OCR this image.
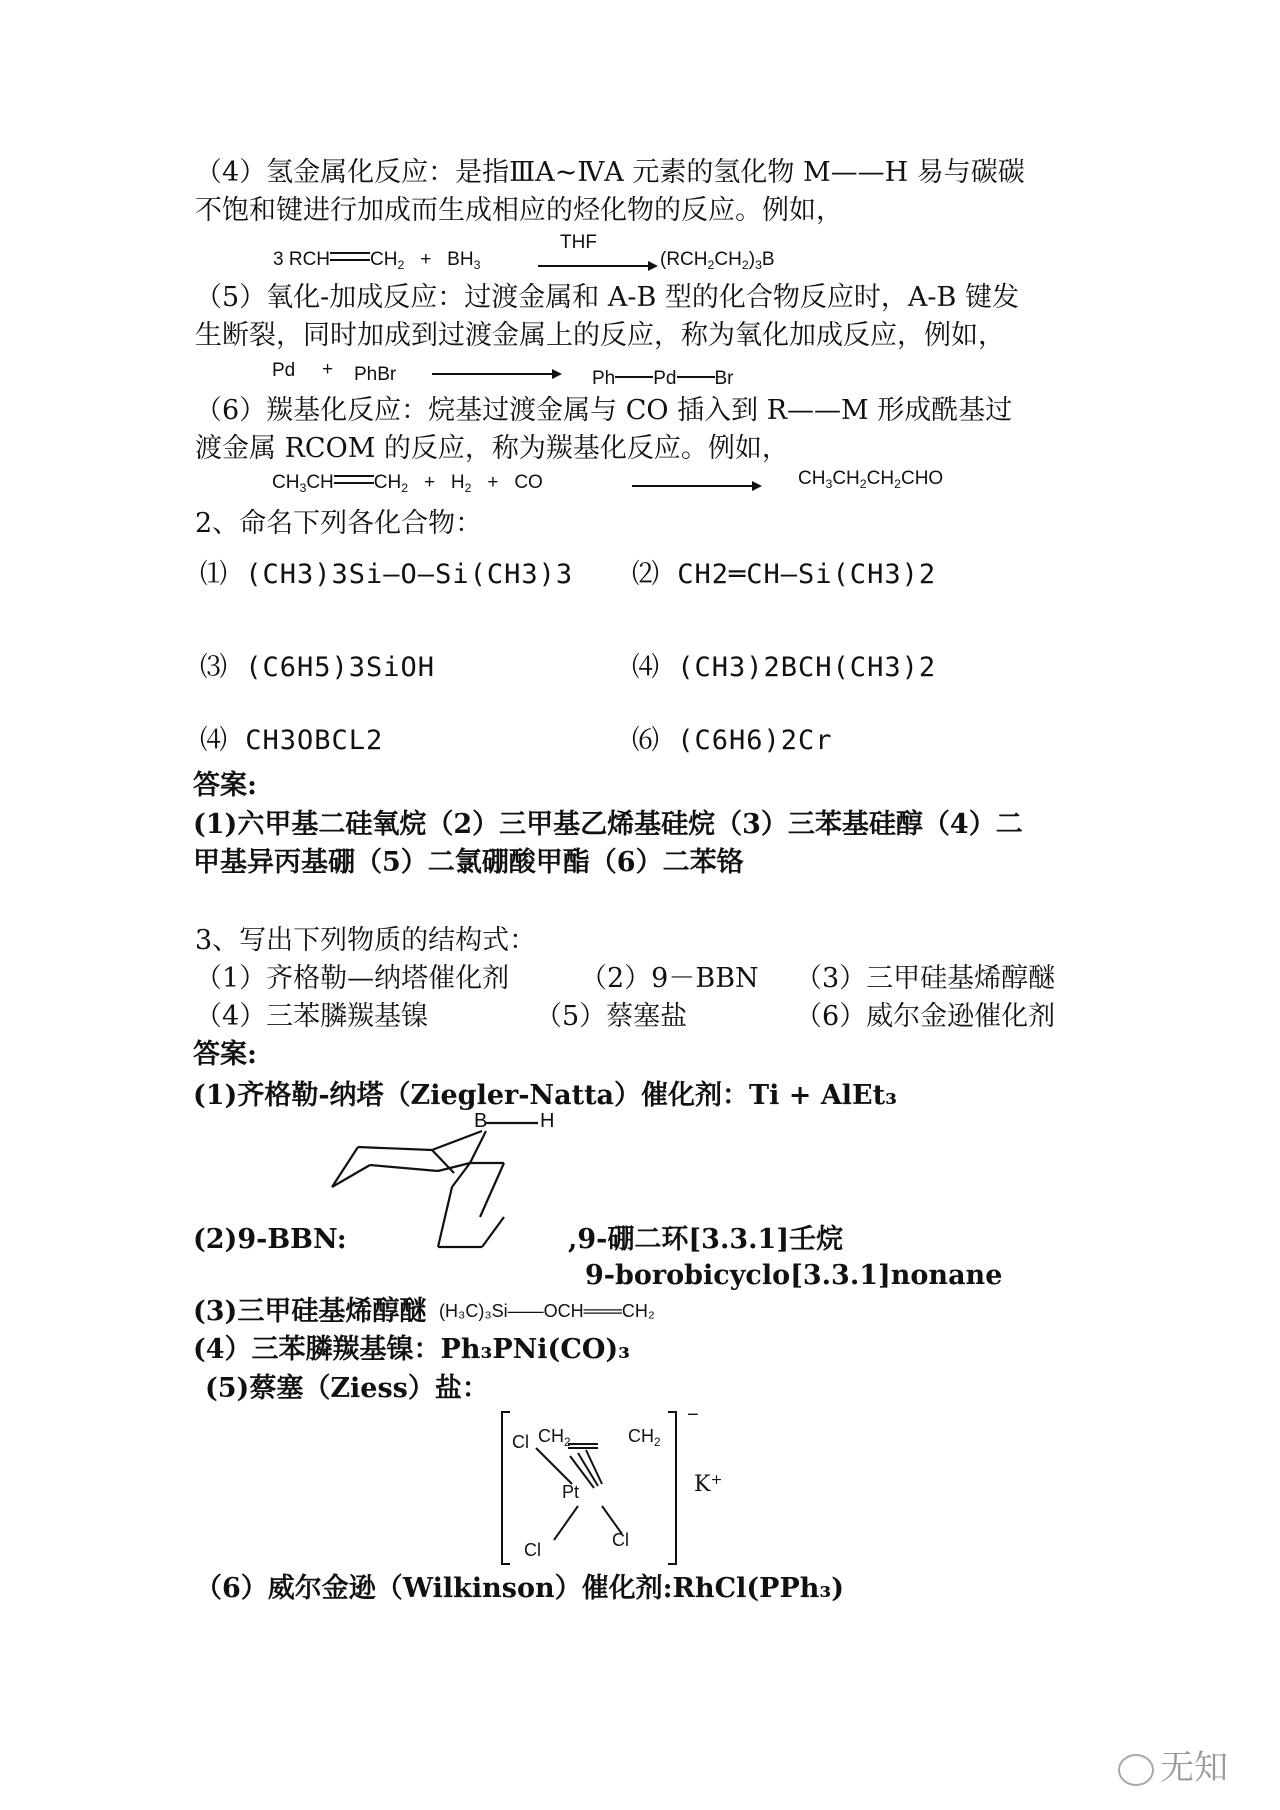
（4）氢金属化反应：是指ⅢA~ⅣA 元素的氢化物 M——H 易与碳碳
不饱和键进行加成而生成相应的烃化物的反应。例如，
3 RCH $CH_2 + BH_3$
THF
$(RCH_2CH_2)_3B$
（5）氧化-加成反应：过渡金属和 A-B 型的化合物反应时，A-B 键发
生断裂，同时加成到过渡金属上的反应，称为氧化加成反应，例如，
Pd + PhBr	Ph Pd Br
（6）羰基化反应：烷基过渡金属与 CO 插入到 R——M 形成酰基过
渡金属 RCOM 的反应，称为羰基化反应。例如，
$CH_3CH$ $CH_2 + H_2$ + CO	$CH_3CH_2CH_2CHO$
2、命名下列各化合物：
⑴ (CH3)3Si—O—Si(CH3)3 ⑵ CH2═CH—Si(CH3)2
⑶ (C6H5)3SiOH	⑷ (CH3)2BCH(CH3)2
⑷ CH3OBCL2	⑹ (C6H6)2Cr
答案:
(1)六甲基二硅氧烷（2）三甲基乙烯基硅烷（3）三苯基硅醇（4）二
甲基异丙基硼（5）二氯硼酸甲酯（6）二苯铬
3、写出下列物质的结构式：
（1）齐格勒—纳塔催化剂	（2）9－BBN （3）三甲硅基烯醇醚
（4）三苯膦羰基镍	（5）蔡塞盐	（6）威尔金逊催化剂
答案:
(1)齐格勒-纳塔（Ziegler-Natta）催化剂：Ti + AlEt₃
B	H
(2)9-BBN:	,9-硼二环[3.3.1]壬烷
9-borobicyclo[3.3.1]nonane
(3)三甲硅基烯醇醚 (H₃C)₃Si——OCH═══CH₂
(4）三苯膦羰基镍：Ph₃PNi(CO)₃
(5)蔡塞（Ziess）盐：
Cl $CH_2$	$CH_2$
Pt
Cl	Cl
−
K+
（6）威尔金逊（Wilkinson）催化剂:RhCl(PPh₃)
无知
